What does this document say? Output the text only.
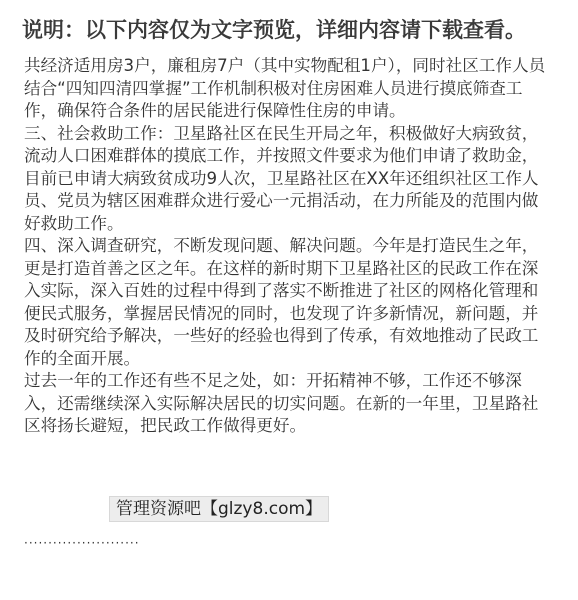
说明：以下内容仅为文字预览，详细内容请下载查看。

共经济适用房3户，廉租房7户（其中实物配租1户），同时社区工作人员结合“四知四清四掌握”工作机制积极对住房困难人员进行摸底筛查工作，确保符合条件的居民能进行保障性住房的申请。

三、社会救助工作：卫星路社区在民生开局之年，积极做好大病致贫，流动人口困难群体的摸底工作，并按照文件要求为他们申请了救助金，目前已申请大病致贫成功9人次，卫星路社区在XX年还组织社区工作人员、党员为辖区困难群众进行爱心一元捐活动，在力所能及的范围内做好救助工作。

四、深入调查研究，不断发现问题、解决问题。今年是打造民生之年，更是打造首善之区之年。在这样的新时期下卫星路社区的民政工作在深入实际，深入百姓的过程中得到了落实不断推进了社区的网格化管理和便民式服务，掌握居民情况的同时，也发现了许多新情况，新问题，并及时研究给予解决，一些好的经验也得到了传承，有效地推动了民政工作的全面开展。

过去一年的工作还有些不足之处，如：开拓精神不够，工作还不够深入，还需继续深入实际解决居民的切实问题。在新的一年里，卫星路社区将扬长避短，把民政工作做得更好。

························
管理资源吧【glzy8.com】
